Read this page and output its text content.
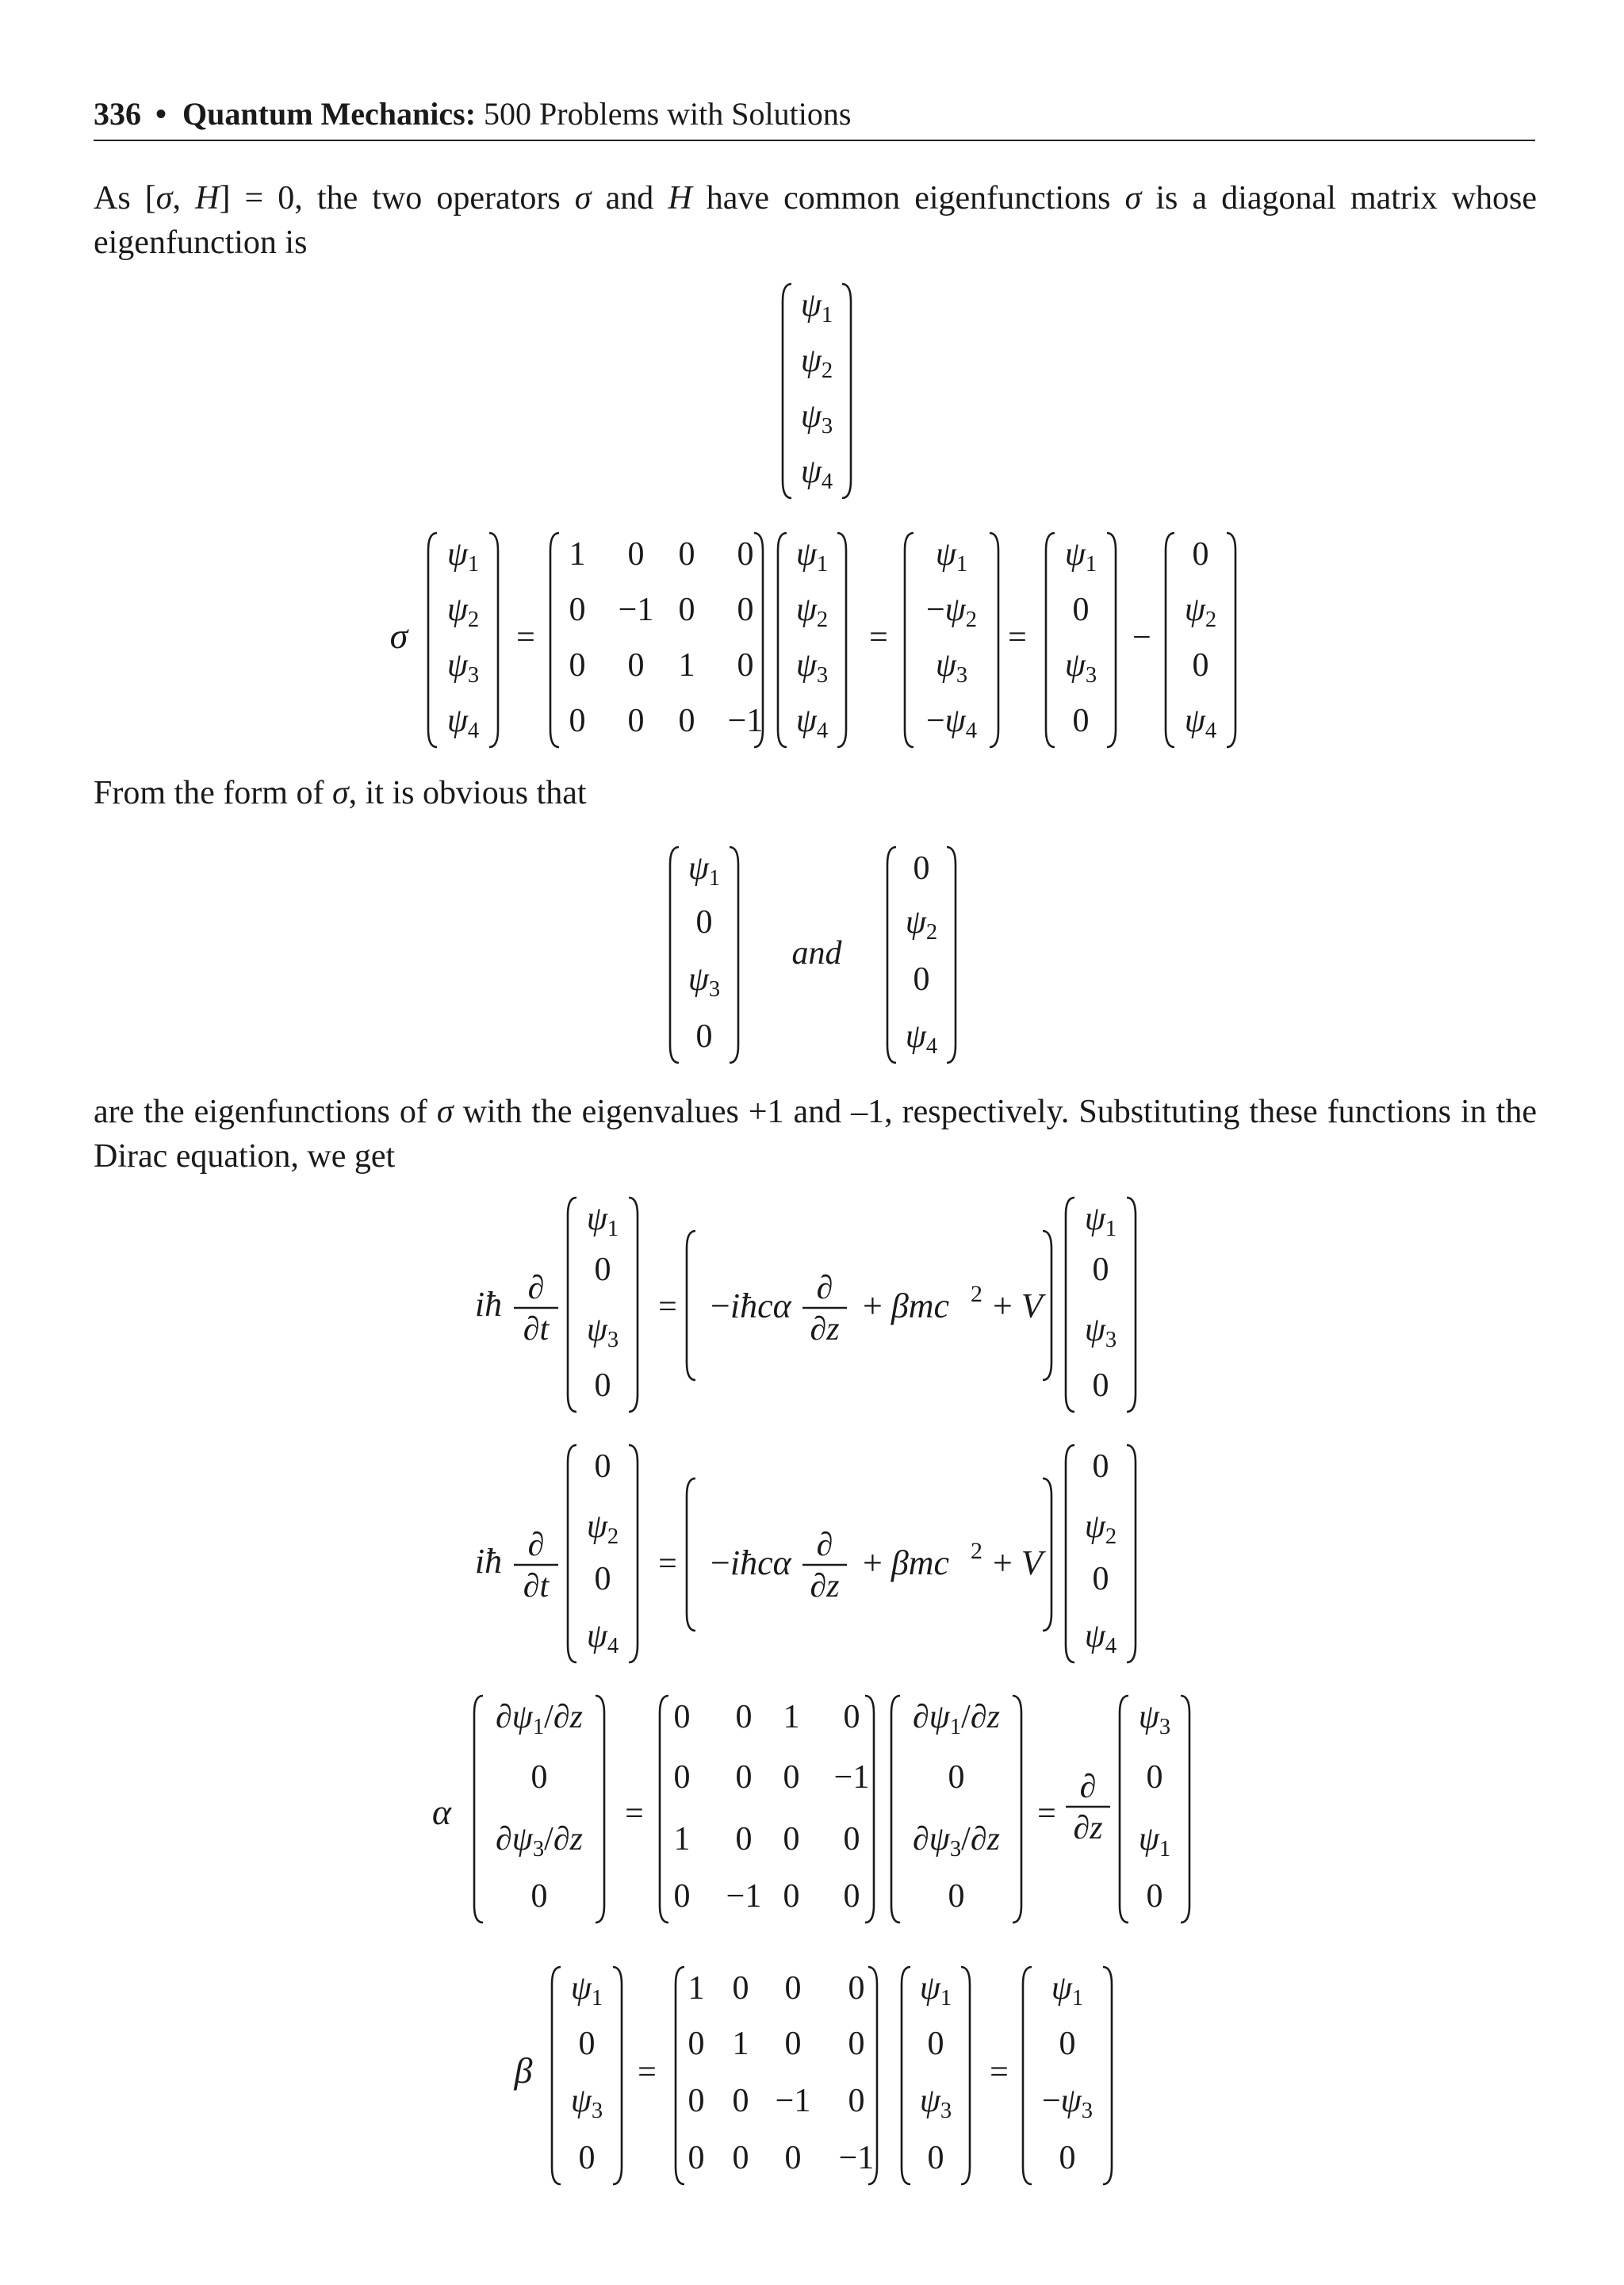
336 • Quantum Mechanics: 500 Problems with Solutions

As [σ, H] = 0, the two operators σ and H have common eigenfunctions σ is a diagonal matrix whose eigenfunction is

From the form of σ, it is obvious that

are the eigenfunctions of σ with the eigenvalues +1 and –1, respectively. Substituting these functions in the Dirac equation, we get

ψ1
ψ2
ψ3
ψ4
σ
ψ1
ψ2
ψ3
ψ4
=
1 0 0 0
0 −1 0 0
0 0 1 0
0 0 0 −1
ψ1
ψ2
ψ3
ψ4
=
ψ1
−ψ2
ψ3
−ψ4
=
ψ1
0
ψ3
0
−
0
ψ2
0
ψ4
ψ1
0
ψ3
0
and
0
ψ2
0
ψ4
iħ ∂
∂t
ψ1
0
ψ3
0
= −iħcα ∂
∂z
+ βmc 2 + V
ψ1
0
ψ3
0
iħ ∂
∂t
0
ψ2
0
ψ4
= −iħcα ∂
∂z
+ βmc 2 + V
0
ψ2
0
ψ4
α
∂ψ1/∂z
0
∂ψ3/∂z
0
=
0 0 1 0
0 0 0 −1
1 0 0 0
0 −1 0 0
∂ψ1/∂z
0
∂ψ3/∂z
0
=
∂
∂z
ψ3
0
ψ1
0
β
ψ1
0
ψ3
0
=
1 0 0 0
0 1 0 0
0 0 −1 0
0 0 0 −1
ψ1
0
ψ3
0
=
ψ1
0
−ψ3
0
